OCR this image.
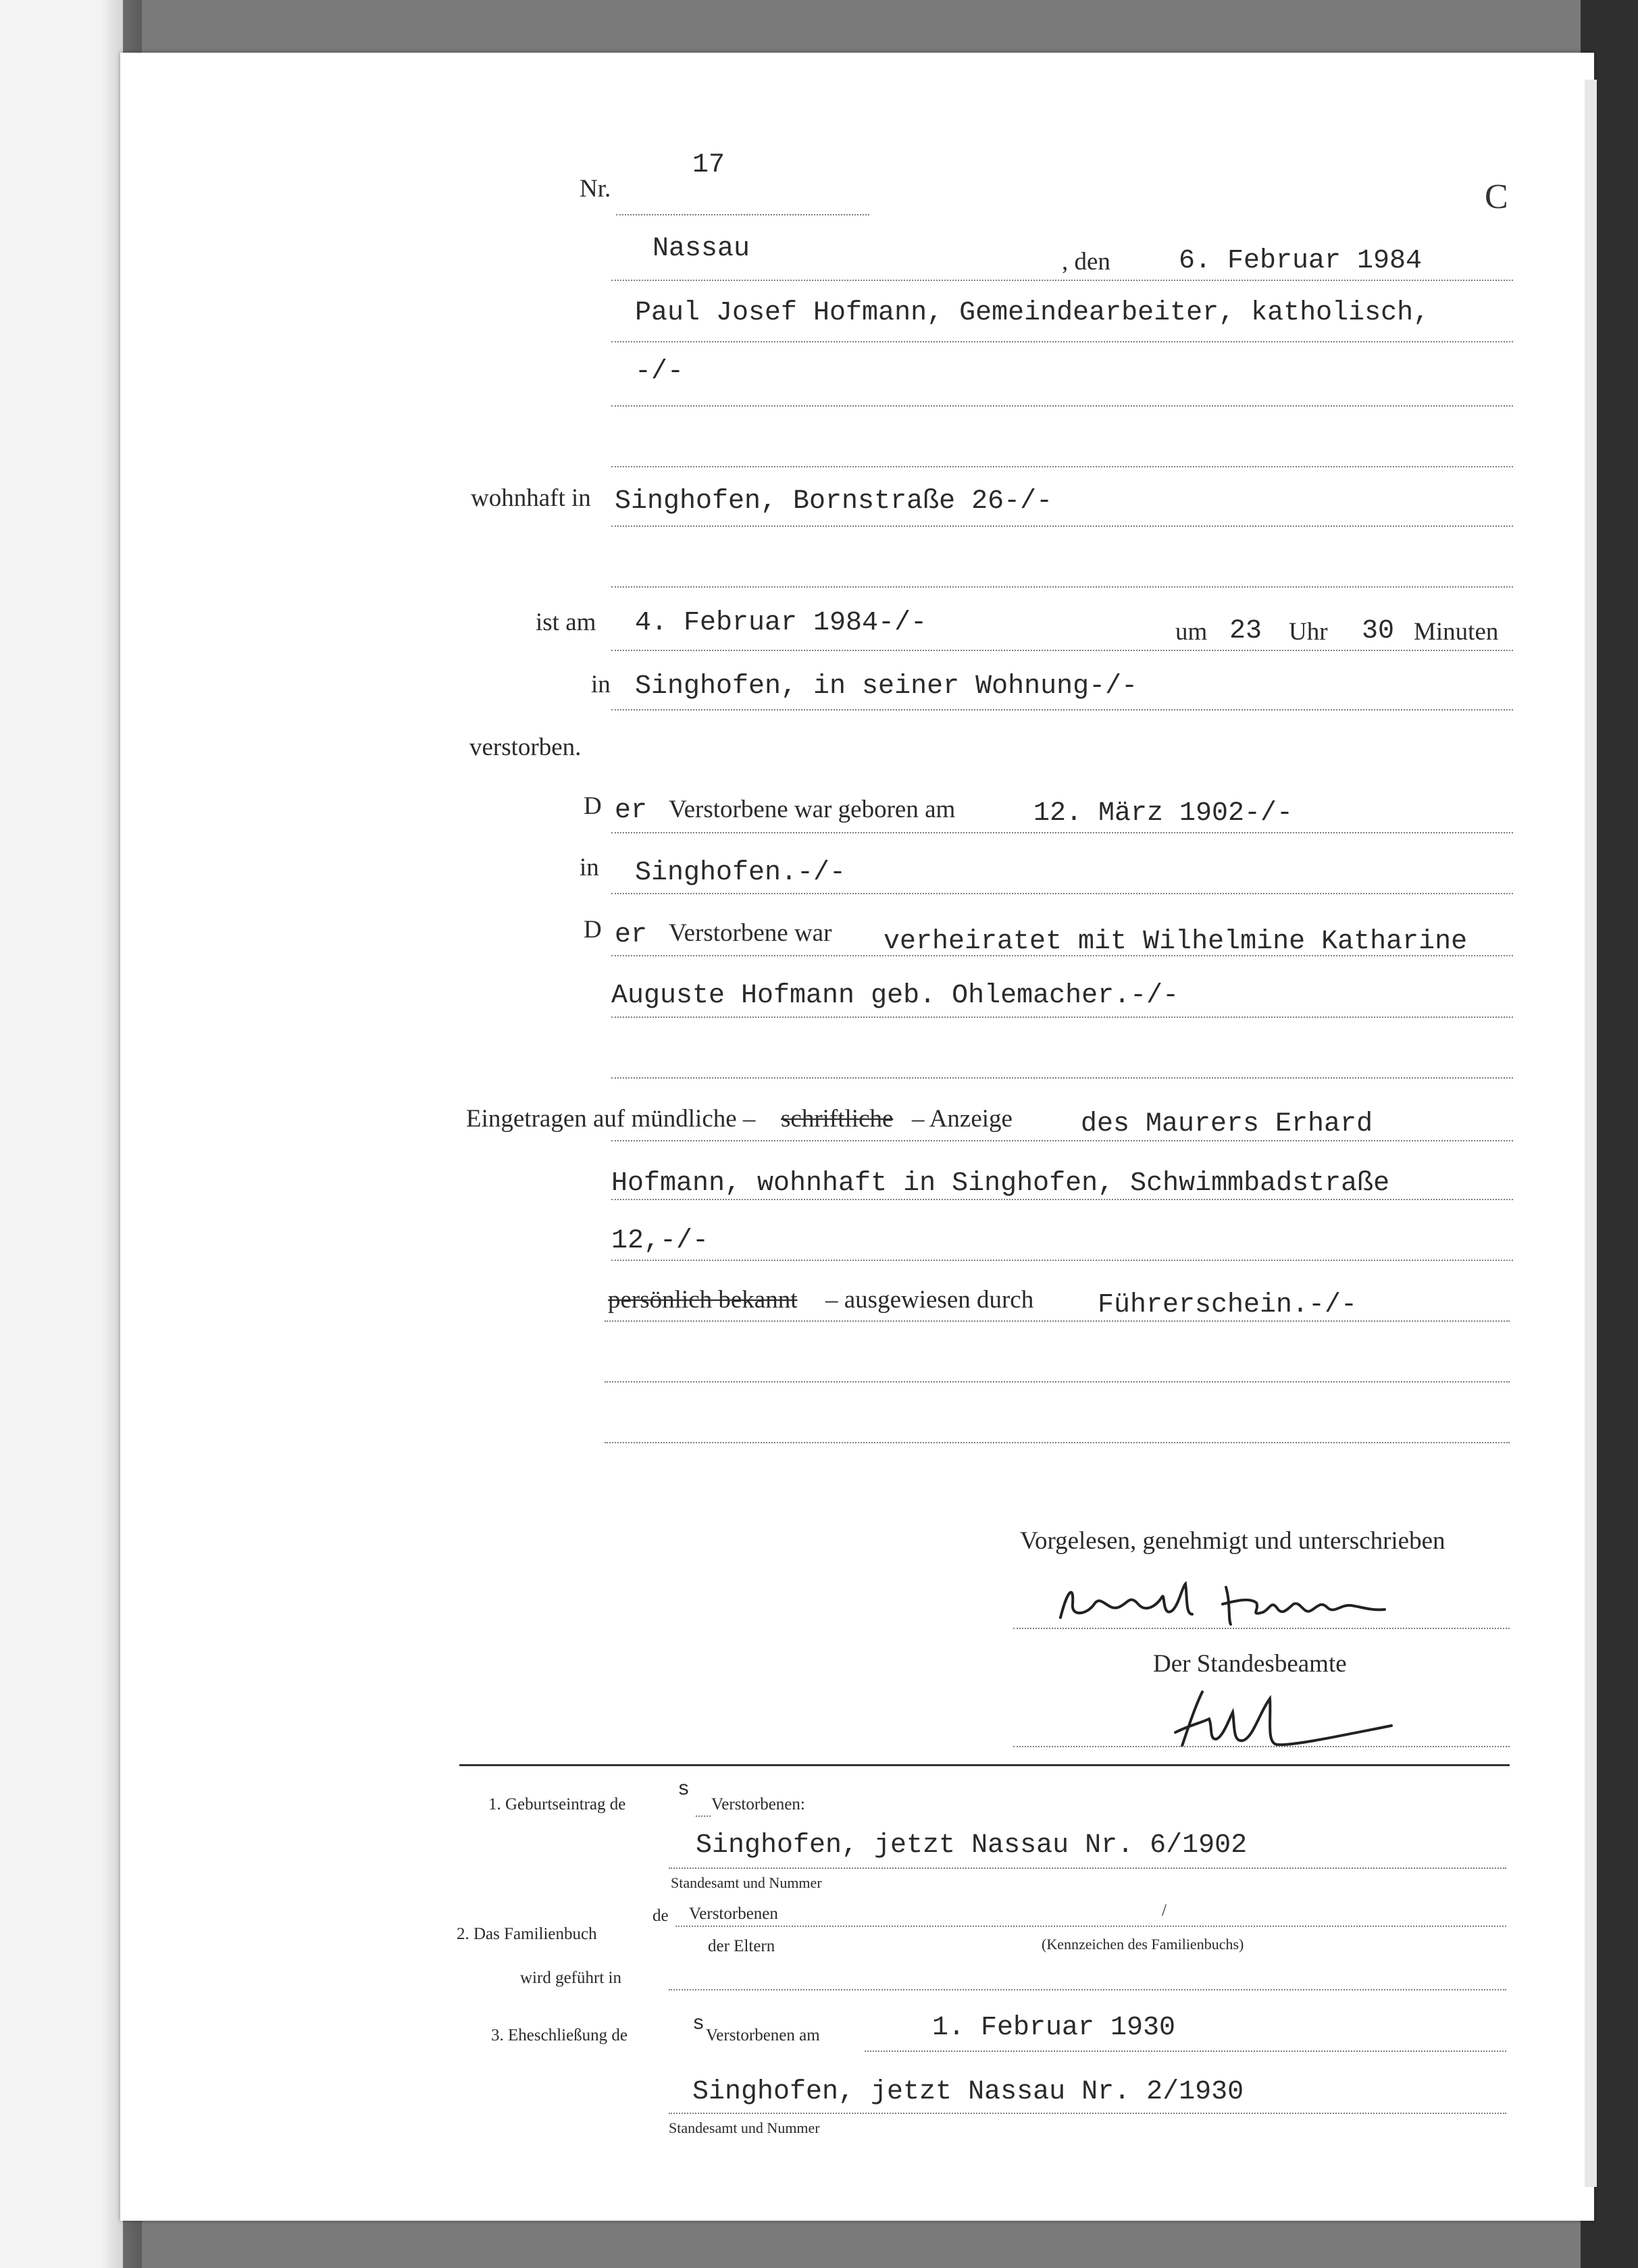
C
Nr.
17
Nassau	, den	6. Februar 1984
Paul Josef Hofmann, Gemeindearbeiter, katholisch,
-/-
wohnhaft in Singhofen, Bornstraße 26-/-
ist am 4. Februar 1984-/-	um 23 Uhr 30 Minuten
in Singhofen, in seiner Wohnung-/-
verstorben.
D er Verstorbene war geboren am	12. März 1902-/-
in Singhofen.-/-
D er Verstorbene war verheiratet mit Wilhelmine Katharine
Auguste Hofmann geb. Ohlemacher.-/-
Eingetragen auf mündliche – schriftliche – Anzeige	des Maurers Erhard
Hofmann, wohnhaft in Singhofen, Schwimmbadstraße
12,-/-
persönlich bekannt – ausgewiesen durch Führerschein.-/-
Vorgelesen, genehmigt und unterschrieben
Der Standesbeamte
1. Geburtseintrag de
s
Verstorbenen:
Singhofen, jetzt Nassau Nr. 6/1902
Standesamt und Nummer
2. Das Familienbuch
de Verstorbenen
der Eltern
/
(Kennzeichen des Familienbuchs)
wird geführt in
3. Eheschließung de	s Verstorbenen am	1. Februar 1930
Singhofen, jetzt Nassau Nr. 2/1930
Standesamt und Nummer
